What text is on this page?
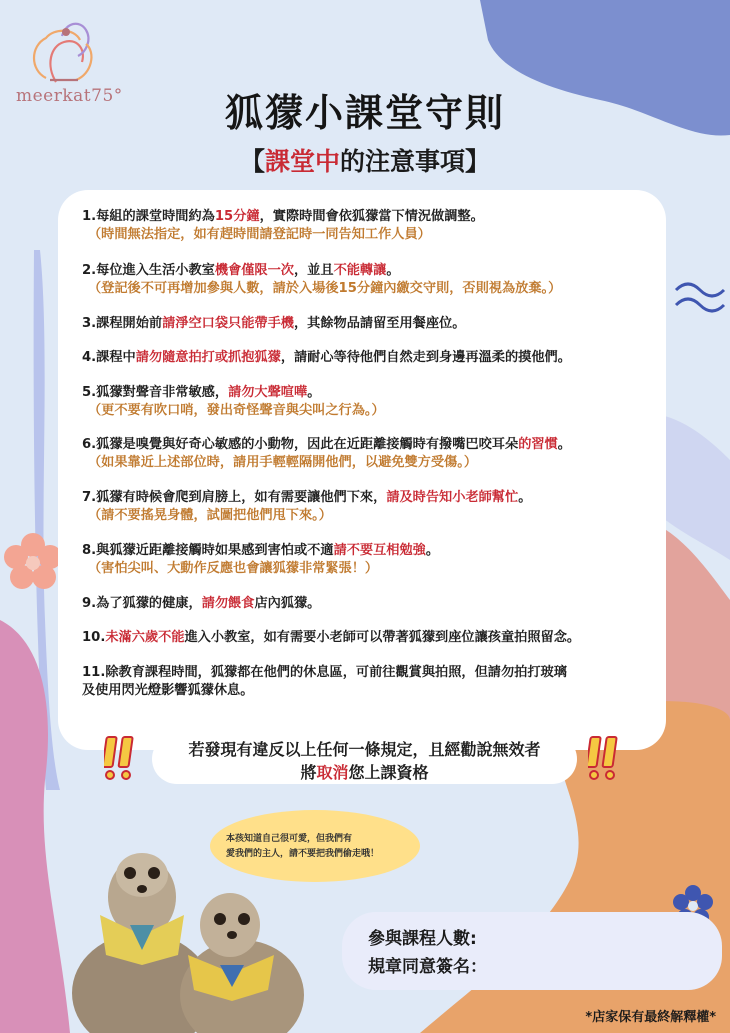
meerkat75°	狐獴小課堂守則
【課堂中的注意事項】
1.每組的課堂時間約為15分鐘，實際時間會依狐獴當下情況做調整。
（時間無法指定，如有趕時間請登記時一同告知工作人員）
2.每位進入生活小教室機會僅限一次，並且不能轉讓。
（登記後不可再增加參與人數，請於入場後15分鐘內繳交守則，否則視為放棄。）
3.課程開始前請淨空口袋只能帶手機，其餘物品請留至用餐座位。
4.課程中請勿隨意拍打或抓抱狐獴，請耐心等待他們自然走到身邊再溫柔的摸他們。
5.狐獴對聲音非常敏感，請勿大聲喧嘩。
（更不要有吹口哨，發出奇怪聲音與尖叫之行為。）
6.狐獴是嗅覺與好奇心敏感的小動物，因此在近距離接觸時有撥嘴巴咬耳朵的習慣。
（如果靠近上述部位時，請用手輕輕隔開他們，以避免雙方受傷。）
7.狐獴有時候會爬到肩膀上，如有需要讓他們下來，請及時告知小老師幫忙。
（請不要搖晃身體，試圖把他們甩下來。）
8.與狐獴近距離接觸時如果感到害怕或不適請不要互相勉強。
（害怕尖叫、大動作反應也會讓狐獴非常緊張！）
9.為了狐獴的健康，請勿餵食店內狐獴。
10.未滿六歲不能進入小教室，如有需要小老師可以帶著狐獴到座位讓孩童拍照留念。
11.除教育課程時間，狐獴都在他們的休息區，可前往觀賞與拍照，但請勿拍打玻璃
及使用閃光燈影響狐獴休息。
若發現有違反以上任何一條規定，且經勸說無效者
將取消您上課資格
本孩知道自己很可愛，但我們有
愛我們的主人，請不要把我們偷走哦！
參與課程人數:
規章同意簽名：
*店家保有最終解釋權*
